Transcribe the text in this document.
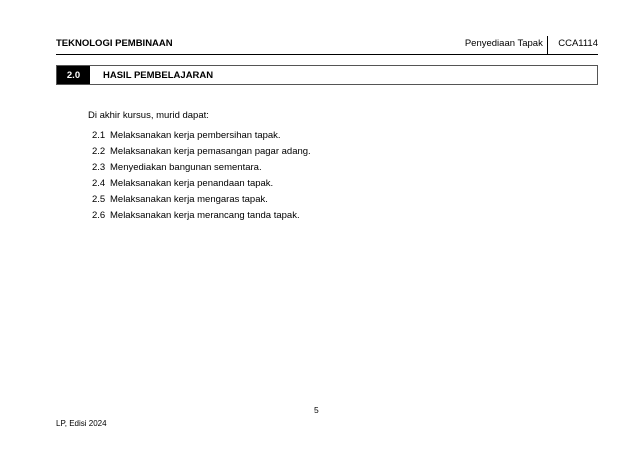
TEKNOLOGI PEMBINAAN	Penyediaan Tapak	CCA1114
2.0	HASIL PEMBELAJARAN
Di akhir kursus, murid dapat:
2.1 Melaksanakan kerja pembersihan tapak.
2.2 Melaksanakan kerja pemasangan pagar adang.
2.3 Menyediakan bangunan sementara.
2.4 Melaksanakan kerja penandaan tapak.
2.5 Melaksanakan kerja mengaras tapak.
2.6 Melaksanakan kerja merancang tanda tapak.
5
LP, Edisi 2024
